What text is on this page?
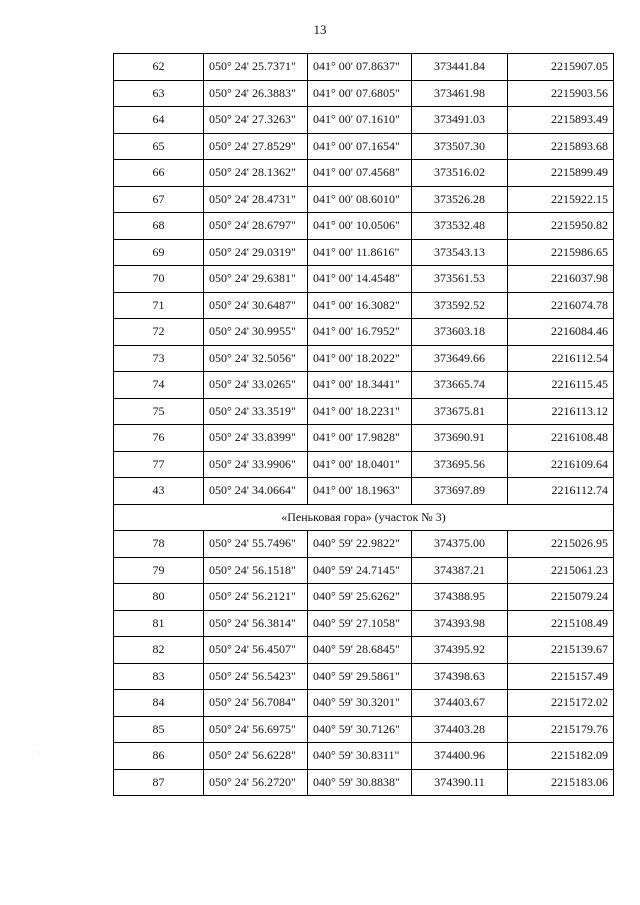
13
62	050° 24' 25.7371"	041° 00' 07.8637"	373441.84	2215907.05
63	050° 24' 26.3883"	041° 00' 07.6805"	373461.98	2215903.56
64	050° 24' 27.3263"	041° 00' 07.1610"	373491.03	2215893.49
65	050° 24' 27.8529"	041° 00' 07.1654"	373507.30	2215893.68
66	050° 24' 28.1362"	041° 00' 07.4568"	373516.02	2215899.49
67	050° 24' 28.4731"	041° 00' 08.6010"	373526.28	2215922.15
68	050° 24' 28.6797"	041° 00' 10.0506"	373532.48	2215950.82
69	050° 24' 29.0319"	041° 00' 11.8616"	373543.13	2215986.65
70	050° 24' 29.6381"	041° 00' 14.4548"	373561.53	2216037.98
71	050° 24' 30.6487"	041° 00' 16.3082"	373592.52	2216074.78
72	050° 24' 30.9955"	041° 00' 16.7952"	373603.18	2216084.46
73	050° 24' 32.5056"	041° 00' 18.2022"	373649.66	2216112.54
74	050° 24' 33.0265"	041° 00' 18.3441"	373665.74	2216115.45
75	050° 24' 33.3519"	041° 00' 18.2231"	373675.81	2216113.12
76	050° 24' 33.8399"	041° 00' 17.9828"	373690.91	2216108.48
77	050° 24' 33.9906"	041° 00' 18.0401"	373695.56	2216109.64
43	050° 24' 34.0664"	041° 00' 18.1963"	373697.89	2216112.74
«Пеньковая гора» (участок № 3)				
78	050° 24' 55.7496"	040° 59' 22.9822"	374375.00	2215026.95
79	050° 24' 56.1518"	040° 59' 24.7145"	374387.21	2215061.23
80	050° 24' 56.2121"	040° 59' 25.6262"	374388.95	2215079.24
81	050° 24' 56.3814"	040° 59' 27.1058"	374393.98	2215108.49
82	050° 24' 56.4507"	040° 59' 28.6845"	374395.92	2215139.67
83	050° 24' 56.5423"	040° 59' 29.5861"	374398.63	2215157.49
84	050° 24' 56.7084"	040° 59' 30.3201"	374403.67	2215172.02
85	050° 24' 56.6975"	040° 59' 30.7126"	374403.28	2215179.76
86	050° 24' 56.6228"	040° 59' 30.8311"	374400.96	2215182.09
87	050° 24' 56.2720"	040° 59' 30.8838"	374390.11	2215183.06
·
